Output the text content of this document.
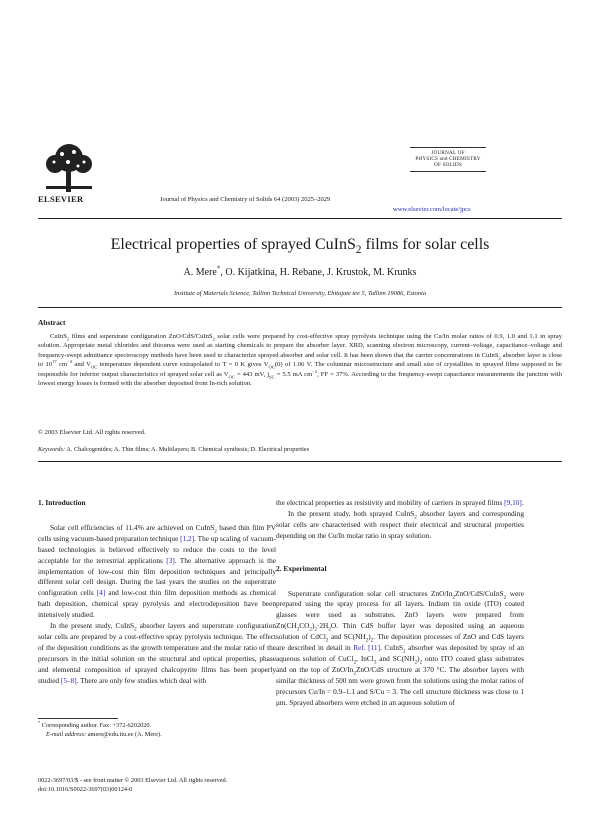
ELSEVIER	Journal of Physics and Chemistry of Solids 64 (2003) 2025–2029
JOURNAL OF
PHYSICS and CHEMISTRY
OF SOLIDS
www.elsevier.com/locate/jpcs
Electrical properties of sprayed CuInS$_2$ films for solar cells
A. Mere*, O. Kijatkina, H. Rebane, J. Krustok, M. Krunks
Institute of Materials Science, Tallinn Technical University, Ehitajate tee 5, Tallinn 19086, Estonia
Abstract
CuInS$_2$ films and superstrate configuration ZnO/CdS/CuInS$_2$ solar cells were prepared by cost-effective spray pyrolysis technique using the Cu/In molar ratios of 0.9, 1.0 and 1.1 in spray solution. Appropriate metal chlorides and thiourea were used as starting chemicals to prepare the absorber layer. XRD, scanning electron microscopy, current–voltage, capacitance–voltage and frequency-swept admittance spectroscopy methods have been used to characterize sprayed absorber and solar cell. It has been shown that the carrier concentrations in CuInS$_2$ absorber layer is close to $10^{17}$ $cm^{-3}$ and $V_{OC}$ temperature dependent curve extrapolated to T = 0 K gives $V_{OC}(0)$ of 1.06 V. The columnar microstructure and small size of crystallites in sprayed films supposed to be responsible for inferior output characteristics of sprayed solar cell as $V_{OC} = 443$ mV, $j_{SC} = 5.5$ mA $cm^{-2}$, FF = 37%. According to the frequency-swept capacitance measurements the junction with lowest energy losses is formed with the absorber deposited from In-rich solution.
© 2003 Elsevier Ltd. All rights reserved.
Keywords: A. Chalcogenides; A. Thin films; A. Multilayers; B. Chemical synthesis; D. Electrical properties

1. Introduction

Solar cell efficiencies of 11.4% are achieved on CuInS$_2$ based thin film PV cells using vacuum-based preparation technique [1,2]. The up scaling of vacuum-based technologies is believed effectively to reduce the costs to the level acceptable for the terrestrial applications [3]. The alternative approach is the implementation of low-cost thin film deposition techniques and principally different solar cell design. During the last years the studies on the superstrate configuration cells [4] and low-cost thin film deposition methods as chemical bath deposition, chemical spray pyrolysis and electrodeposition have been intensively studied.

In the present study, CuInS$_2$ absorber layers and superstrate configuration solar cells are prepared by a cost-effective spray pyrolysis technique. The effect of the deposition conditions as the growth temperature and the molar ratio of the precursors in the initial solution on the structural and optical properties, phase and elemental composition of sprayed chalcopyrite films has been properly studied [5–8]. There are only few studies which deal with

the electrical properties as resistivity and mobility of carriers in sprayed films [9,10].

In the present study, both sprayed CuInS$_2$ absorber layers and corresponding solar cells are characterised with respect their electrical and structural properties depending on the Cu/In molar ratio in spray solution.

2. Experimental

Superstrate configuration solar cell structures ZnO/$In_2ZnO/CdS/CuInS_2$ were prepared using the spray process for all layers. Indium tin oxide (ITO) coated glasses were used as substrates. ZnO layers were prepared from $Zn(CH_3CO_2)_2\cdot 2H_2O$. Thin CdS buffer layer was deposited using an aqueous solution of CdCl$_2$ and $SC(NH_2)_2$. The deposition processes of ZnO and CdS layers are described in detail in Ref. [11]. CuInS$_2$ absorber was deposited by spray of an aqueous solution of CuCl$_2$, InCl$_3$ and $SC(NH_2)_2$ onto ITO coated glass substrates and on the top of ZnO/$In_2ZnO$/CdS structure at 370 °C. The absorber layers with similar thickness of 500 nm were grown from the solutions using the molar ratios of precursors Cu/In = 0.9–1.1 and S/Cu = 3. The cell structure thickness was close to 1 μm. Sprayed absorbers were etched in an aqueous solution of

* Corresponding author. Fax: +372-6202020.
E-mail address: amere@edu.ttu.ee (A. Mere).
0022-3697/03/$ - see front matter © 2003 Elsevier Ltd. All rights reserved.
doi:10.1016/S0022-3697(03)00124-0
